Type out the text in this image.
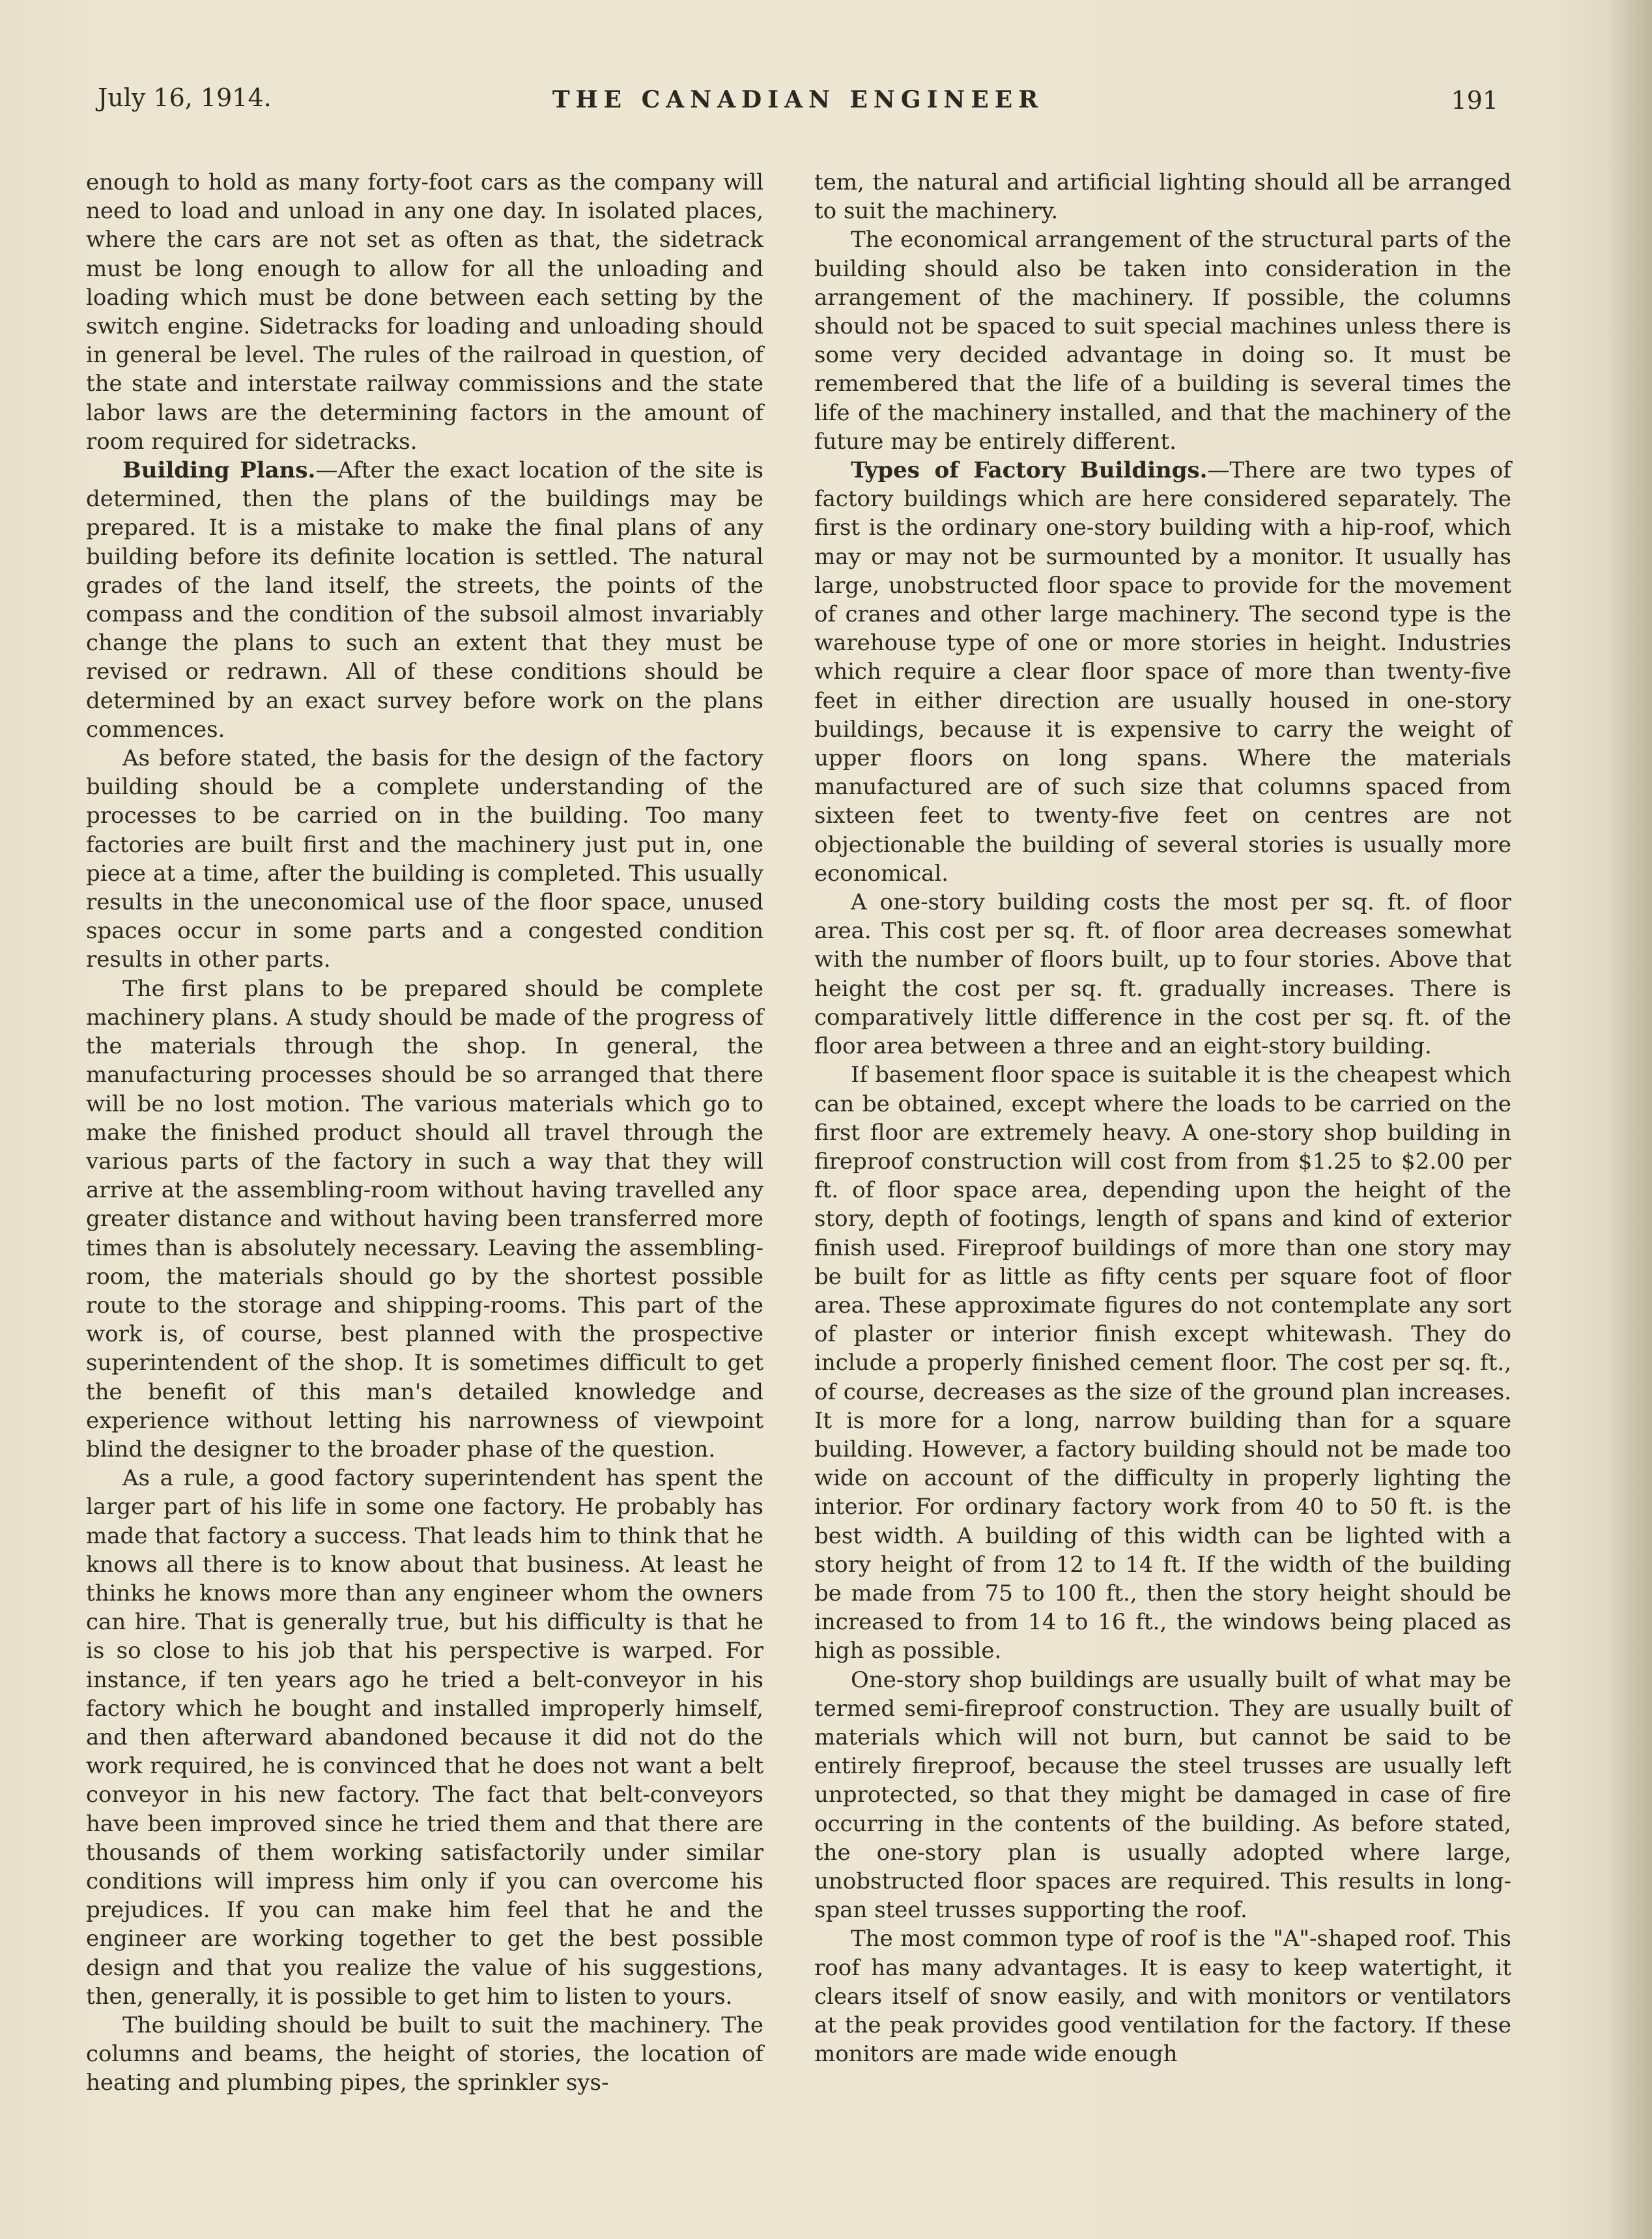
July 16, 1914.	THE CANADIAN ENGINEER	191

enough to hold as many forty-foot cars as the company will need to load and unload in any one day. In isolated places, where the cars are not set as often as that, the sidetrack must be long enough to allow for all the unloading and loading which must be done between each setting by the switch engine. Sidetracks for loading and unloading should in general be level. The rules of the railroad in question, of the state and interstate railway commissions and the state labor laws are the determining factors in the amount of room required for sidetracks.

Building Plans.—After the exact location of the site is determined, then the plans of the buildings may be prepared. It is a mistake to make the final plans of any building before its definite location is settled. The natural grades of the land itself, the streets, the points of the compass and the condition of the subsoil almost invariably change the plans to such an extent that they must be revised or redrawn. All of these conditions should be determined by an exact survey before work on the plans commences.

As before stated, the basis for the design of the factory building should be a complete understanding of the processes to be carried on in the building. Too many factories are built first and the machinery just put in, one piece at a time, after the building is completed. This usually results in the uneconomical use of the floor space, unused spaces occur in some parts and a congested condition results in other parts.

The first plans to be prepared should be complete machinery plans. A study should be made of the progress of the materials through the shop. In general, the manufacturing processes should be so arranged that there will be no lost motion. The various materials which go to make the finished product should all travel through the various parts of the factory in such a way that they will arrive at the assembling-room without having travelled any greater distance and without having been transferred more times than is absolutely necessary. Leaving the assembling-room, the materials should go by the shortest possible route to the storage and shipping-rooms. This part of the work is, of course, best planned with the prospective superintendent of the shop. It is sometimes difficult to get the benefit of this man's detailed knowledge and experience without letting his narrowness of viewpoint blind the designer to the broader phase of the question.

As a rule, a good factory superintendent has spent the larger part of his life in some one factory. He probably has made that factory a success. That leads him to think that he knows all there is to know about that business. At least he thinks he knows more than any engineer whom the owners can hire. That is generally true, but his difficulty is that he is so close to his job that his perspective is warped. For instance, if ten years ago he tried a belt-conveyor in his factory which he bought and installed improperly himself, and then afterward abandoned because it did not do the work required, he is convinced that he does not want a belt conveyor in his new factory. The fact that belt-conveyors have been improved since he tried them and that there are thousands of them working satisfactorily under similar conditions will impress him only if you can overcome his prejudices. If you can make him feel that he and the engineer are working together to get the best possible design and that you realize the value of his suggestions, then, generally, it is possible to get him to listen to yours.

The building should be built to suit the machinery. The columns and beams, the height of stories, the location of heating and plumbing pipes, the sprinkler sys-

tem, the natural and artificial lighting should all be arranged to suit the machinery.

The economical arrangement of the structural parts of the building should also be taken into consideration in the arrangement of the machinery. If possible, the columns should not be spaced to suit special machines unless there is some very decided advantage in doing so. It must be remembered that the life of a building is several times the life of the machinery installed, and that the machinery of the future may be entirely different.

Types of Factory Buildings.—There are two types of factory buildings which are here considered separately. The first is the ordinary one-story building with a hip-roof, which may or may not be surmounted by a monitor. It usually has large, unobstructed floor space to provide for the movement of cranes and other large machinery. The second type is the warehouse type of one or more stories in height. Industries which require a clear floor space of more than twenty-five feet in either direction are usually housed in one-story buildings, because it is expensive to carry the weight of upper floors on long spans. Where the materials manufactured are of such size that columns spaced from sixteen feet to twenty-five feet on centres are not objectionable the building of several stories is usually more economical.

A one-story building costs the most per sq. ft. of floor area. This cost per sq. ft. of floor area decreases somewhat with the number of floors built, up to four stories. Above that height the cost per sq. ft. gradually increases. There is comparatively little difference in the cost per sq. ft. of the floor area between a three and an eight-story building.

If basement floor space is suitable it is the cheapest which can be obtained, except where the loads to be carried on the first floor are extremely heavy. A one-story shop building in fireproof construction will cost from from $1.25 to $2.00 per ft. of floor space area, depending upon the height of the story, depth of footings, length of spans and kind of exterior finish used. Fireproof buildings of more than one story may be built for as little as fifty cents per square foot of floor area. These approximate figures do not contemplate any sort of plaster or interior finish except whitewash. They do include a properly finished cement floor. The cost per sq. ft., of course, decreases as the size of the ground plan increases. It is more for a long, narrow building than for a square building. However, a factory building should not be made too wide on account of the difficulty in properly lighting the interior. For ordinary factory work from 40 to 50 ft. is the best width. A building of this width can be lighted with a story height of from 12 to 14 ft. If the width of the building be made from 75 to 100 ft., then the story height should be increased to from 14 to 16 ft., the windows being placed as high as possible.

One-story shop buildings are usually built of what may be termed semi-fireproof construction. They are usually built of materials which will not burn, but cannot be said to be entirely fireproof, because the steel trusses are usually left unprotected, so that they might be damaged in case of fire occurring in the contents of the building. As before stated, the one-story plan is usually adopted where large, unobstructed floor spaces are required. This results in long-span steel trusses supporting the roof.

The most common type of roof is the "A"-shaped roof. This roof has many advantages. It is easy to keep watertight, it clears itself of snow easily, and with monitors or ventilators at the peak provides good ventilation for the factory. If these monitors are made wide enough
